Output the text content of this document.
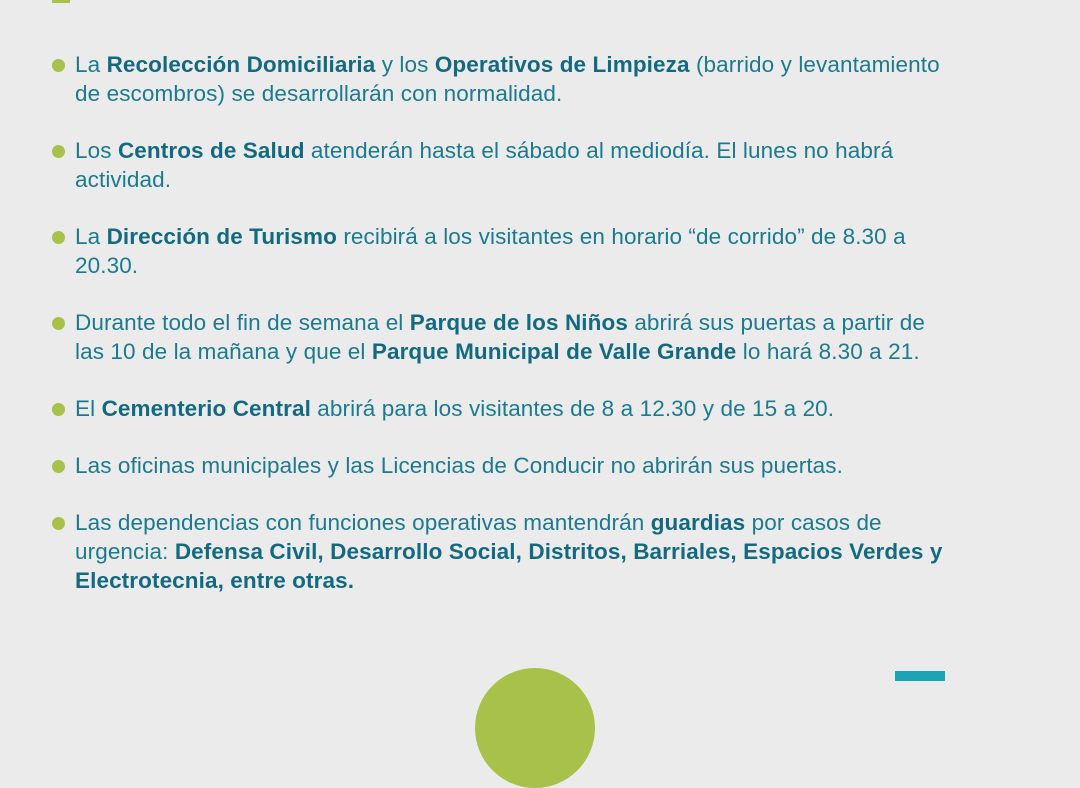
La Recolección Domiciliaria y los Operativos de Limpieza (barrido y levantamiento
de escombros) se desarrollarán con normalidad.
Los Centros de Salud atenderán hasta el sábado al mediodía. El lunes no habrá
actividad.
La Dirección de Turismo recibirá a los visitantes en horario “de corrido” de 8.30 a
20.30.
Durante todo el fin de semana el Parque de los Niños abrirá sus puertas a partir de
las 10 de la mañana y que el Parque Municipal de Valle Grande lo hará 8.30 a 21.
El Cementerio Central abrirá para los visitantes de 8 a 12.30 y de 15 a 20.
Las oficinas municipales y las Licencias de Conducir no abrirán sus puertas.
Las dependencias con funciones operativas mantendrán guardias por casos de
urgencia: Defensa Civil, Desarrollo Social, Distritos, Barriales, Espacios Verdes y
Electrotecnia, entre otras.
